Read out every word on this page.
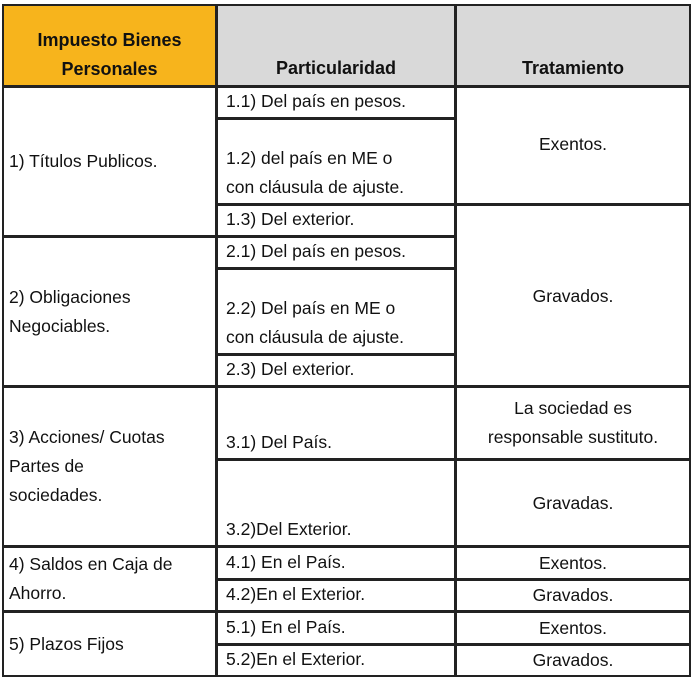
Impuesto Bienes
Personales	Particularidad	Tratamiento
1) Títulos Publicos.
1.1) Del país en pesos.
1.2) del país en ME o
con cláusula de ajuste.
1.3) Del exterior.
Exentos.
2) Obligaciones
Negociables.
2.1) Del país en pesos.
2.2) Del país en ME o
con cláusula de ajuste.
2.3) Del exterior.
Gravados.
3) Acciones/ Cuotas
Partes de
sociedades.
3.1) Del País.
3.2)Del Exterior.
La sociedad es
responsable sustituto.
Gravadas.
4) Saldos en Caja de
Ahorro.
4.1) En el País.
4.2)En el Exterior.
Exentos.
Gravados.
5) Plazos Fijos
5.1) En el País.
5.2)En el Exterior.
Exentos.
Gravados.
